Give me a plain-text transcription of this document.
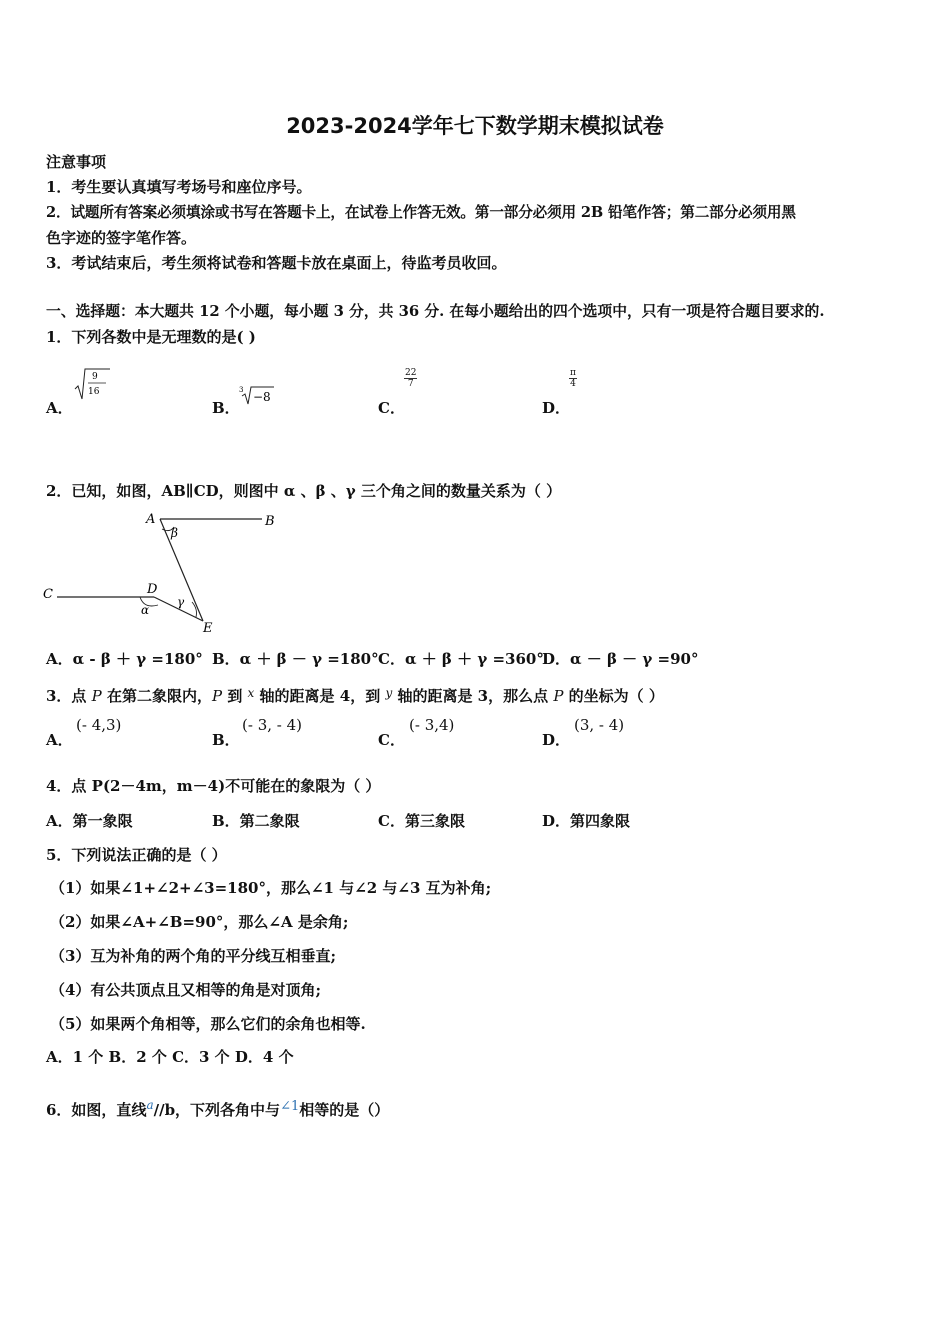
2023-2024学年七下数学期末模拟试卷
注意事项
1．考生要认真填写考场号和座位序号。
2．试题所有答案必须填涂或书写在答题卡上，在试卷上作答无效。第一部分必须用 2B 铅笔作答；第二部分必须用黑
色字迹的签字笔作答。
3．考试结束后，考生须将试卷和答题卡放在桌面上，待监考员收回。
一、选择题：本大题共 12 个小题，每小题 3 分，共 36 分. 在每小题给出的四个选项中，只有一项是符合题目要求的.
1．下列各数中是无理数的是( )
A．
9
16
B．
3 −8
C．
$\frac{22}{7}$
D．
$\frac{\pi}{4}$
2．已知，如图，AB∥CD，则图中 α 、β 、γ 三个角之间的数量关系为（ ）
A	B
C	D
E
β
α
γ
A．α - β ＋ γ =180° B．α ＋ β － γ =180° C．α ＋ β ＋ γ =360°
D．α － β － γ =90°
3．点 P 在第二象限内，P 到 $^x$ 轴的距离是 4，到 $^y$ 轴的距离是 3，那么点 P 的坐标为（ ）
A．
(- 4,3)
B．
(- 3, - 4)
C．
(- 3,4)
D．
(3, - 4)
4．点 P(2－4m，m－4)不可能在的象限为（ ）
A．第一象限	B．第二象限	C．第三象限	D．第四象限
5．下列说法正确的是（ ）
（1）如果∠1+∠2+∠3=180°，那么∠1 与∠2 与∠3 互为补角;
（2）如果∠A+∠B=90°，那么∠A 是余角;
（3）互为补角的两个角的平分线互相垂直;
（4）有公共顶点且又相等的角是对顶角;
（5）如果两个角相等，那么它们的余角也相等.
A．1 个 B．2 个 C．3 个 D．4 个
6．如图，直线$^a$//b，下列各角中与∠1相等的是（）
